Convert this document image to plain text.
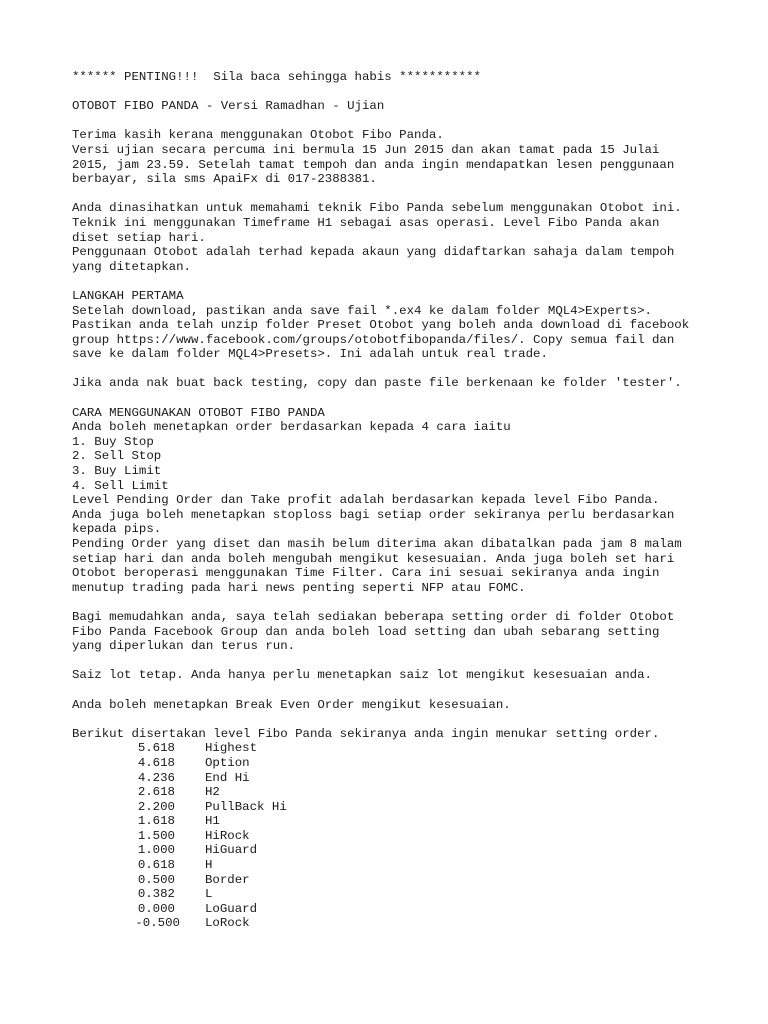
****** PENTING!!!  Sila baca sehingga habis ***********
OTOBOT FIBO PANDA - Versi Ramadhan - Ujian
Terima kasih kerana menggunakan Otobot Fibo Panda.
Versi ujian secara percuma ini bermula 15 Jun 2015 dan akan tamat pada 15 Julai
2015, jam 23.59. Setelah tamat tempoh dan anda ingin mendapatkan lesen penggunaan
berbayar, sila sms ApaiFx di 017-2388381.
Anda dinasihatkan untuk memahami teknik Fibo Panda sebelum menggunakan Otobot ini.
Teknik ini menggunakan Timeframe H1 sebagai asas operasi. Level Fibo Panda akan
diset setiap hari.
Penggunaan Otobot adalah terhad kepada akaun yang didaftarkan sahaja dalam tempoh
yang ditetapkan.
LANGKAH PERTAMA
Setelah download, pastikan anda save fail *.ex4 ke dalam folder MQL4>Experts>.
Pastikan anda telah unzip folder Preset Otobot yang boleh anda download di facebook
group https://www.facebook.com/groups/otobotfibopanda/files/. Copy semua fail dan
save ke dalam folder MQL4>Presets>. Ini adalah untuk real trade.
Jika anda nak buat back testing, copy dan paste file berkenaan ke folder 'tester'.
CARA MENGGUNAKAN OTOBOT FIBO PANDA
Anda boleh menetapkan order berdasarkan kepada 4 cara iaitu
1. Buy Stop
2. Sell Stop
3. Buy Limit
4. Sell Limit
Level Pending Order dan Take profit adalah berdasarkan kepada level Fibo Panda.
Anda juga boleh menetapkan stoploss bagi setiap order sekiranya perlu berdasarkan
kepada pips.
Pending Order yang diset dan masih belum diterima akan dibatalkan pada jam 8 malam
setiap hari dan anda boleh mengubah mengikut kesesuaian. Anda juga boleh set hari
Otobot beroperasi menggunakan Time Filter. Cara ini sesuai sekiranya anda ingin
menutup trading pada hari news penting seperti NFP atau FOMC.
Bagi memudahkan anda, saya telah sediakan beberapa setting order di folder Otobot
Fibo Panda Facebook Group dan anda boleh load setting dan ubah sebarang setting
yang diperlukan dan terus run.
Saiz lot tetap. Anda hanya perlu menetapkan saiz lot mengikut kesesuaian anda.
Anda boleh menetapkan Break Even Order mengikut kesesuaian.
Berikut disertakan level Fibo Panda sekiranya anda ingin menukar setting order.
5.618	Highest
4.618	Option
4.236	End Hi
2.618	H2
2.200	PullBack Hi
1.618	H1
1.500	HiRock
1.000	HiGuard
0.618	H
0.500	Border
0.382	L
0.000	LoGuard
-0.500	LoRock
